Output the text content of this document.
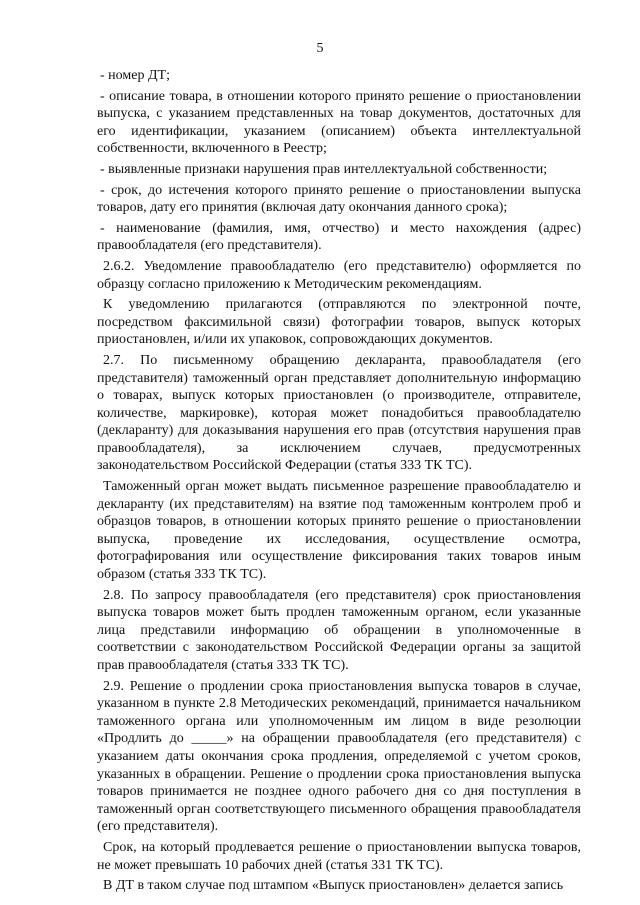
5

- номер ДТ;

- описание товара, в отношении которого принято решение о приостановлении выпуска, с указанием представленных на товар документов, достаточных для его идентификации, указанием (описанием) объекта интеллектуальной собственности, включенного в Реестр;

- выявленные признаки нарушения прав интеллектуальной собственности;

- срок, до истечения которого принято решение о приостановлении выпуска товаров, дату его принятия (включая дату окончания данного срока);

- наименование (фамилия, имя, отчество) и место нахождения (адрес) правообладателя (его представителя).

2.6.2. Уведомление правообладателю (его представителю) оформляется по образцу согласно приложению к Методическим рекомендациям.

К уведомлению прилагаются (отправляются по электронной почте, посредством факсимильной связи) фотографии товаров, выпуск которых приостановлен, и/или их упаковок, сопровождающих документов.

2.7. По письменному обращению декларанта, правообладателя (его представителя) таможенный орган представляет дополнительную информацию о товарах, выпуск которых приостановлен (о производителе, отправителе, количестве, маркировке), которая может понадобиться правообладателю (декларанту) для доказывания нарушения его прав (отсутствия нарушения прав правообладателя), за исключением случаев, предусмотренных законодательством Российской Федерации (статья 333 ТК ТС).

Таможенный орган может выдать письменное разрешение правообладателю и декларанту (их представителям) на взятие под таможенным контролем проб и образцов товаров, в отношении которых принято решение о приостановлении выпуска, проведение их исследования, осуществление осмотра, фотографирования или осуществление фиксирования таких товаров иным образом (статья 333 ТК ТС).

2.8. По запросу правообладателя (его представителя) срок приостановления выпуска товаров может быть продлен таможенным органом, если указанные лица представили информацию об обращении в уполномоченные в соответствии с законодательством Российской Федерации органы за защитой прав правообладателя (статья 333 ТК ТС).

2.9. Решение о продлении срока приостановления выпуска товаров в случае, указанном в пункте 2.8 Методических рекомендаций, принимается начальником таможенного органа или уполномоченным им лицом в виде резолюции «Продлить до _____» на обращении правообладателя (его представителя) с указанием даты окончания срока продления, определяемой с учетом сроков, указанных в обращении. Решение о продлении срока приостановления выпуска товаров принимается не позднее одного рабочего дня со дня поступления в таможенный орган соответствующего письменного обращения правообладателя (его представителя).

Срок, на который продлевается решение о приостановлении выпуска товаров, не может превышать 10 рабочих дней (статья 331 ТК ТС).

В ДТ в таком случае под штампом «Выпуск приостановлен» делается запись
